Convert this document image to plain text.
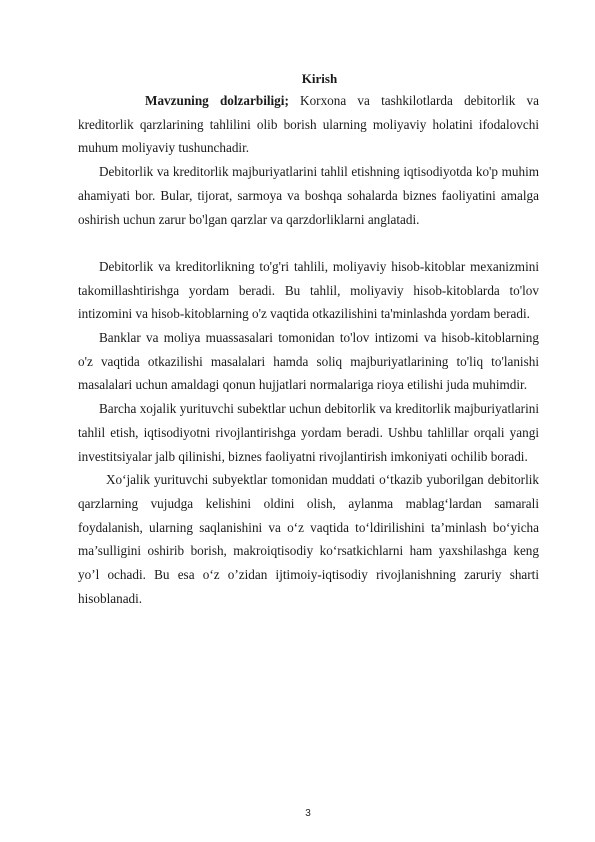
Kirish

Mavzuning dolzarbiligi; Korxona va tashkilotlarda debitorlik va kreditorlik qarzlarining tahlilini olib borish ularning moliyaviy holatini ifodalovchi muhum moliyaviy tushunchadir.

Debitorlik va kreditorlik majburiyatlarini tahlil etishning iqtisodiyotda ko'p muhim ahamiyati bor. Bular, tijorat, sarmoya va boshqa sohalarda biznes faoliyatini amalga oshirish uchun zarur bo'lgan qarzlar va qarzdorliklarni anglatadi.

Debitorlik va kreditorlikning to'g'ri tahlili, moliyaviy hisob-kitoblar mexanizmini takomillashtirishga yordam beradi. Bu tahlil, moliyaviy hisob-kitoblarda to'lov intizomini va hisob-kitoblarning o'z vaqtida otkazilishini ta'minlashda yordam beradi.

Banklar va moliya muassasalari tomonidan to'lov intizomi va hisob-kitoblarning o'z vaqtida otkazilishi masalalari hamda soliq majburiyatlarining to'liq to'lanishi masalalari uchun amaldagi qonun hujjatlari normalariga rioya etilishi juda muhimdir.

Barcha xojalik yurituvchi subektlar uchun debitorlik va kreditorlik majburiyatlarini tahlil etish, iqtisodiyotni rivojlantirishga yordam beradi. Ushbu tahlillar orqali yangi investitsiyalar jalb qilinishi, biznes faoliyatni rivojlantirish imkoniyati ochilib boradi.

Xo‘jalik yurituvchi subyektlar tomonidan muddati o‘tkazib yuborilgan debitorlik qarzlarning vujudga kelishini oldini olish, aylanma mablag‘lardan samarali foydalanish, ularning saqlanishini va o‘z vaqtida to‘ldirilishini ta’minlash bo‘yicha ma’sulligini oshirib borish, makroiqtisodiy ko‘rsatkichlarni ham yaxshilashga keng yo’l ochadi. Bu esa o‘z o’zidan ijtimoiy-iqtisodiy rivojlanishning zaruriy sharti hisoblanadi.

3
